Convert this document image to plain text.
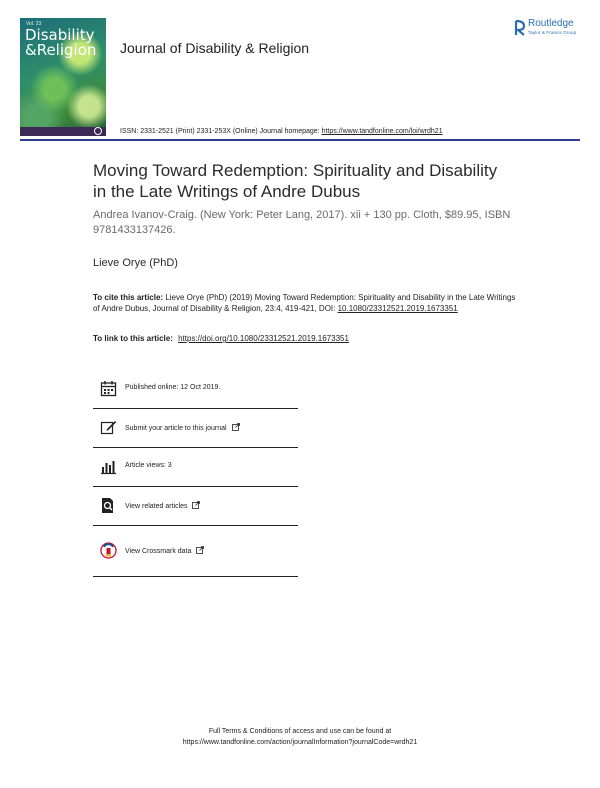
Vol. 23
Disability
&Religion	Journal of Disability & Religion
Routledge
Taylor & Francis Group
ISSN: 2331-2521 (Print) 2331-253X (Online) Journal homepage: https://www.tandfonline.com/loi/wrdh21
Moving Toward Redemption: Spirituality and Disability in the Late Writings of Andre Dubus
Andrea Ivanov-Craig. (New York: Peter Lang, 2017). xii + 130 pp. Cloth, $89.95, ISBN 9781433137426.
Lieve Orye (PhD)
To cite this article: Lieve Orye (PhD) (2019) Moving Toward Redemption: Spirituality and Disability in the Late Writings of Andre Dubus, Journal of Disability & Religion, 23:4, 419-421, DOI: 10.1080/23312521.2019.1673351
To link to this article: https://doi.org/10.1080/23312521.2019.1673351
Published online: 12 Oct 2019.
Submit your article to this journal
Article views: 3
View related articles
View Crossmark data
Full Terms & Conditions of access and use can be found at
https://www.tandfonline.com/action/journalInformation?journalCode=wrdh21
